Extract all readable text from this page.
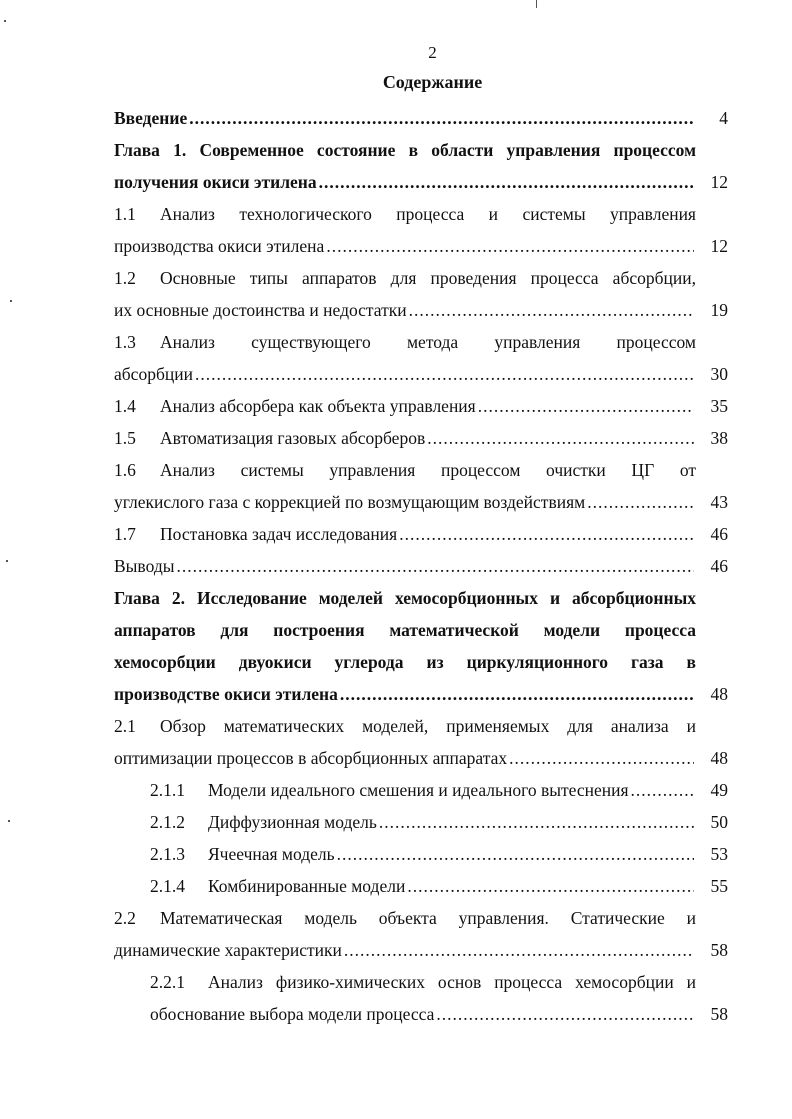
2
Содержание
Введение .....	4
Глава 1. Современное состояние в области управления процессом
получения окиси этилена .....	12
1.1 Анализ технологического процесса и системы управления
производства окиси этилена .....	12
1.2 Основные типы аппаратов для проведения процесса абсорбции,
их основные достоинства и недостатки .....	19
1.3 Анализ существующего метода управления процессом
абсорбции .....	30
1.4 Анализ абсорбера как объекта управления .....	35
1.5 Автоматизация газовых абсорберов .....	38
1.6 Анализ системы управления процессом очистки ЦГ от
углекислого газа с коррекцией по возмущающим воздействиям .....	43
1.7 Постановка задач исследования .....	46
Выводы .....	46
Глава 2. Исследование моделей хемосорбционных и абсорбционных
аппаратов для построения математической модели процесса
хемосорбции двуокиси углерода из циркуляционного газа в
производстве окиси этилена .....	48
2.1 Обзор математических моделей, применяемых для анализа и
оптимизации процессов в абсорбционных аппаратах .....	48
2.1.1 Модели идеального смешения и идеального вытеснения .....	49
2.1.2 Диффузионная модель .....	50
2.1.3 Ячеечная модель .....	53
2.1.4 Комбинированные модели .....	55
2.2 Математическая модель объекта управления. Статические и
динамические характеристики .....	58
2.2.1 Анализ физико-химических основ процесса хемосорбции и
обоснование выбора модели процесса .....	58
